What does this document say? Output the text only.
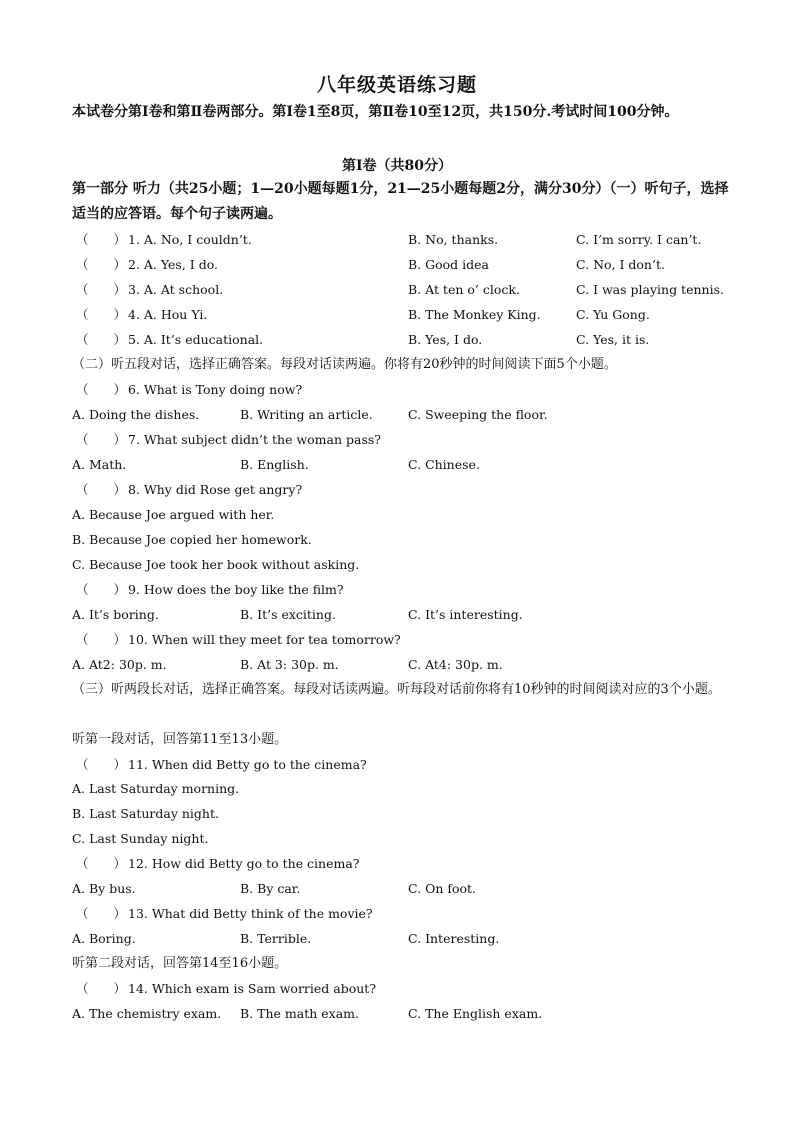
八年级英语练习题
本试卷分第Ⅰ卷和第Ⅱ卷两部分。第Ⅰ卷1至8页，第Ⅱ卷10至12页，共150分.考试时间100分钟。
第Ⅰ卷（共80分）
第一部分 听力（共25小题；1—20小题每题1分，21—25小题每题2分，满分30分）（一）听句子，选择适当的应答语。每个句子读两遍。
（　　） 1. A. No, I couldn’t.	B. No, thanks.	C. I’m sorry. I can’t.
（　　） 2. A. Yes, I do.	B. Good idea	C. No, I don’t.
（　　） 3. A. At school.	B. At ten o’ clock.	C. I was playing tennis.
（　　） 4. A. Hou Yi.	B. The Monkey King.	C. Yu Gong.
（　　） 5. A. It’s educational.	B. Yes, I do.	C. Yes, it is.
（二）听五段对话，选择正确答案。每段对话读两遍。你将有20秒钟的时间阅读下面5个小题。
（　　） 6. What is Tony doing now?
A. Doing the dishes.	B. Writing an article.	C. Sweeping the floor.
（　　） 7. What subject didn’t the woman pass?
A. Math.	B. English.	C. Chinese.
（　　） 8. Why did Rose get angry?
A. Because Joe argued with her.
B. Because Joe copied her homework.
C. Because Joe took her book without asking.
（　　） 9. How does the boy like the film?
A. It’s boring.	B. It’s exciting.	C. It’s interesting.
（　　） 10. When will they meet for tea tomorrow?
A. At2: 30p. m.	B. At 3: 30p. m.	C. At4: 30p. m.
（三）听两段长对话，选择正确答案。每段对话读两遍。听每段对话前你将有10秒钟的时间阅读对应的3个小题。
听第一段对话，回答第11至13小题。
（　　） 11. When did Betty go to the cinema?
A. Last Saturday morning.
B. Last Saturday night.
C. Last Sunday night.
（　　） 12. How did Betty go to the cinema?
A. By bus.	B. By car.	C. On foot.
（　　） 13. What did Betty think of the movie?
A. Boring.	B. Terrible.	C. Interesting.
听第二段对话，回答第14至16小题。
（　　） 14. Which exam is Sam worried about?
A. The chemistry exam. B. The math exam.	C. The English exam.
